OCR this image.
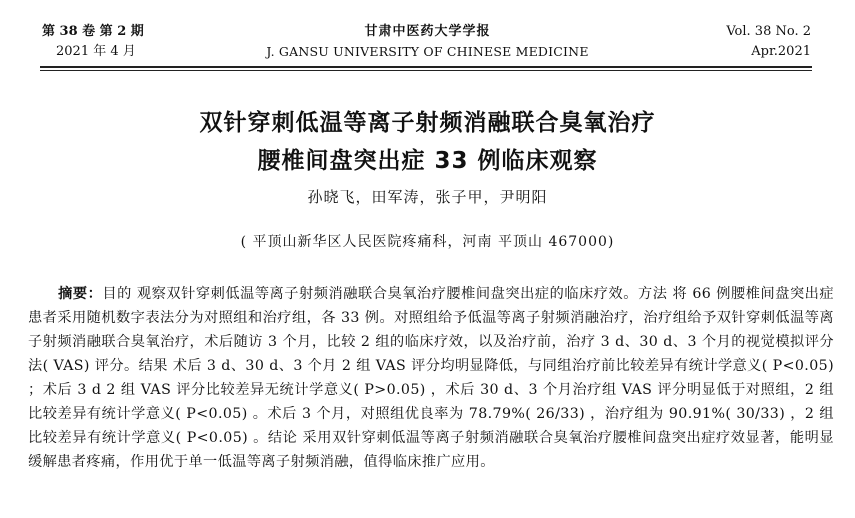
第 38 卷 第 2 期
2021 年 4 月
甘肃中医药大学学报
J. GANSU UNIVERSITY OF CHINESE MEDICINE
Vol. 38 No. 2
Apr.2021
双针穿刺低温等离子射频消融联合臭氧治疗
腰椎间盘突出症 33 例临床观察
孙晓飞，田军涛，张子甲，尹明阳
( 平顶山新华区人民医院疼痛科，河南 平顶山 467000)
摘要：目的 观察双针穿刺低温等离子射频消融联合臭氧治疗腰椎间盘突出症的临床疗效。方法 将 66 例腰椎间盘突出症患者采用随机数字表法分为对照组和治疗组，各 33 例。对照组给予低温等离子射频消融治疗，治疗组给予双针穿刺低温等离子射频消融联合臭氧治疗，术后随访 3 个月，比较 2 组的临床疗效，以及治疗前，治疗 3 d、30 d、3 个月的视觉模拟评分法( VAS) 评分。结果 术后 3 d、30 d、3 个月 2 组 VAS 评分均明显降低，与同组治疗前比较差异有统计学意义( P<0.05) ；术后 3 d 2 组 VAS 评分比较差异无统计学意义( P>0.05) ，术后 30 d、3 个月治疗组 VAS 评分明显低于对照组，2 组比较差异有统计学意义( P<0.05) 。术后 3 个月，对照组优良率为 78.79%( 26/33) ，治疗组为 90.91%( 30/33) ，2 组比较差异有统计学意义( P<0.05) 。结论 采用双针穿刺低温等离子射频消融联合臭氧治疗腰椎间盘突出症疗效显著，能明显缓解患者疼痛，作用优于单一低温等离子射频消融，值得临床推广应用。
